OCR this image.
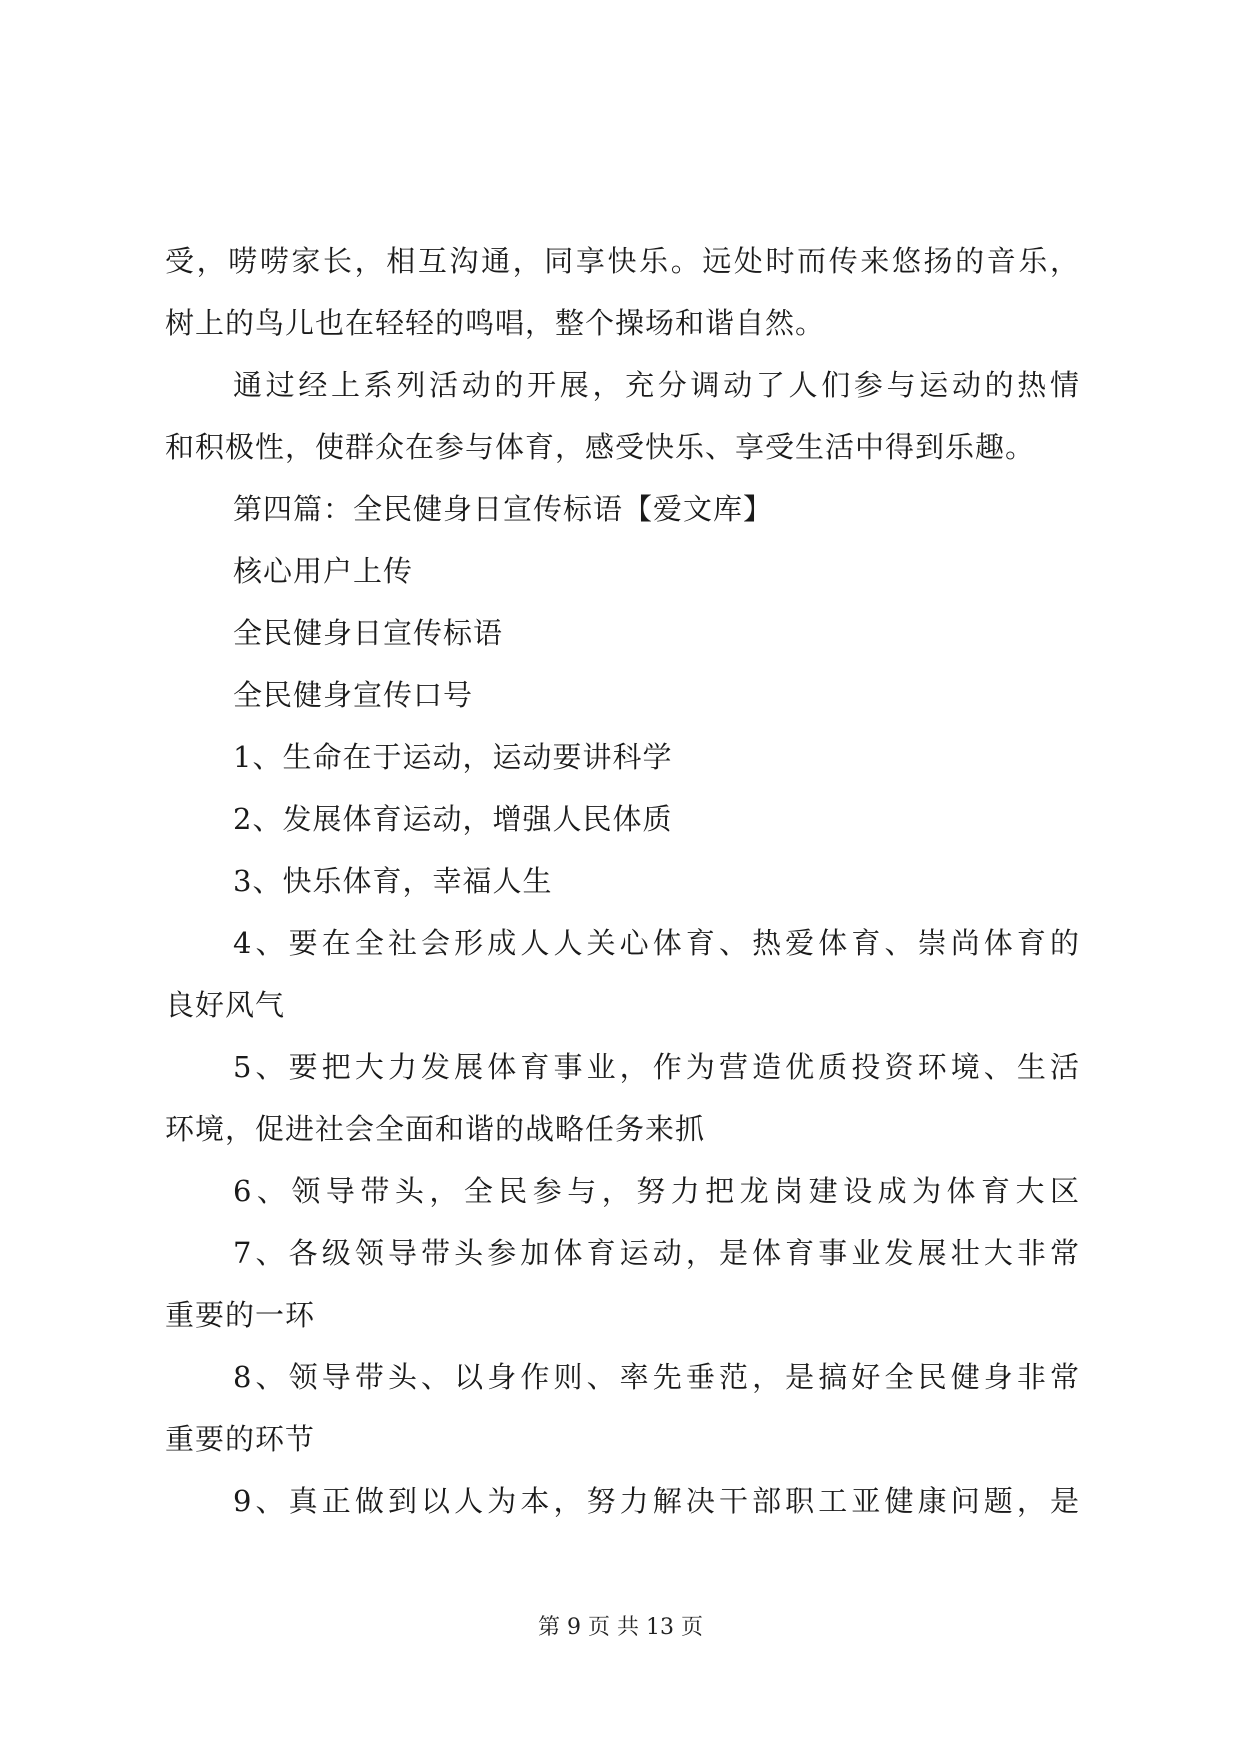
受，唠唠家长，相互沟通，同享快乐。远处时而传来悠扬的音乐，
树上的鸟儿也在轻轻的鸣唱，整个操场和谐自然。
通过经上系列活动的开展，充分调动了人们参与运动的热情
和积极性，使群众在参与体育，感受快乐、享受生活中得到乐趣。
第四篇：全民健身日宣传标语【爱文库】
核心用户上传
全民健身日宣传标语
全民健身宣传口号
1、生命在于运动，运动要讲科学
2、发展体育运动，增强人民体质
3、快乐体育，幸福人生
4、要在全社会形成人人关心体育、热爱体育、崇尚体育的
良好风气
5、要把大力发展体育事业，作为营造优质投资环境、生活
环境，促进社会全面和谐的战略任务来抓
6、领导带头，全民参与，努力把龙岗建设成为体育大区
7、各级领导带头参加体育运动，是体育事业发展壮大非常
重要的一环
8、领导带头、以身作则、率先垂范，是搞好全民健身非常
重要的环节
9、真正做到以人为本，努力解决干部职工亚健康问题，是
第 9 页 共 13 页
